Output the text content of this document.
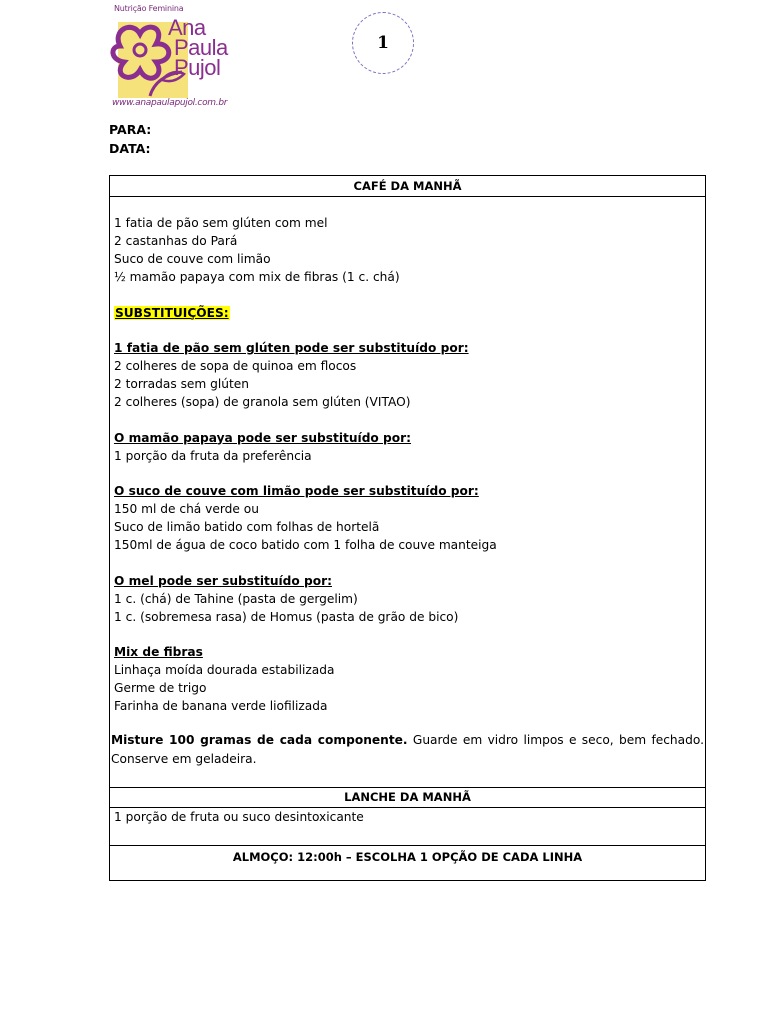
Nutrição Feminina
Ana
Paula
Pujol
www.anapaulapujol.com.br
1
PARA:
DATA:
CAFÉ DA MANHÃ
1 fatia de pão sem glúten com mel
2 castanhas do Pará
Suco de couve com limão
½ mamão papaya com mix de fibras (1 c. chá)
SUBSTITUIÇÕES:
1 fatia de pão sem glúten pode ser substituído por:
2 colheres de sopa de quinoa em flocos
2 torradas sem glúten
2 colheres (sopa) de granola sem glúten (VITAO)
O mamão papaya pode ser substituído por:
1 porção da fruta da preferência
O suco de couve com limão pode ser substituído por:
150 ml de chá verde ou
Suco de limão batido com folhas de hortelã
150ml de água de coco batido com 1 folha de couve manteiga
O mel pode ser substituído por:
1 c. (chá) de Tahine (pasta de gergelim)
1 c. (sobremesa rasa) de Homus (pasta de grão de bico)
Mix de fibras
Linhaça moída dourada estabilizada
Germe de trigo
Farinha de banana verde liofilizada
Misture 100 gramas de cada componente. Guarde em vidro limpos e seco, bem fechado. Conserve em geladeira.
LANCHE DA MANHÃ
1 porção de fruta ou suco desintoxicante
ALMOÇO: 12:00h – ESCOLHA 1 OPÇÃO DE CADA LINHA
